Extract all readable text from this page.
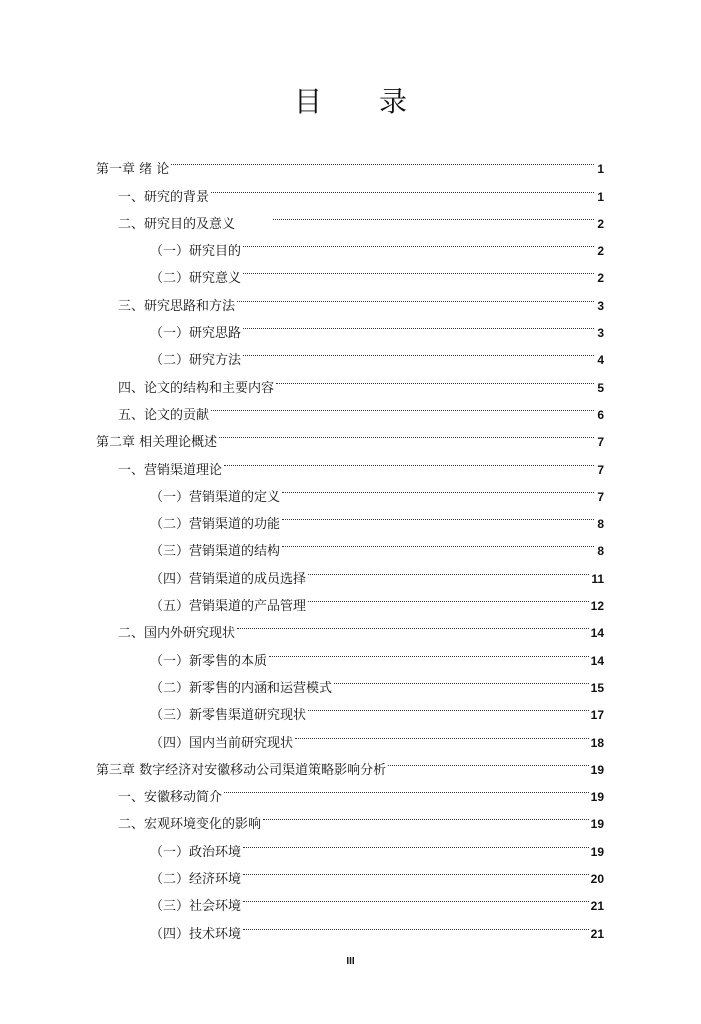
目 录
第一章 绪 论	1
一、研究的背景	1
二、研究目的及意义	2
（一）研究目的	2
（二）研究意义	2
三、研究思路和方法	3
（一）研究思路	3
（二）研究方法	4
四、论文的结构和主要内容	5
五、论文的贡献	6
第二章 相关理论概述	7
一、营销渠道理论	7
（一）营销渠道的定义	7
（二）营销渠道的功能	8
（三）营销渠道的结构	8
（四）营销渠道的成员选择	11
（五）营销渠道的产品管理	12
二、国内外研究现状	14
（一）新零售的本质	14
（二）新零售的内涵和运营模式	15
（三）新零售渠道研究现状	17
（四）国内当前研究现状	18
第三章 数字经济对安徽移动公司渠道策略影响分析	19
一、安徽移动简介	19
二、宏观环境变化的影响	19
（一）政治环境	19
（二）经济环境	20
（三）社会环境	21
（四）技术环境	21
III
